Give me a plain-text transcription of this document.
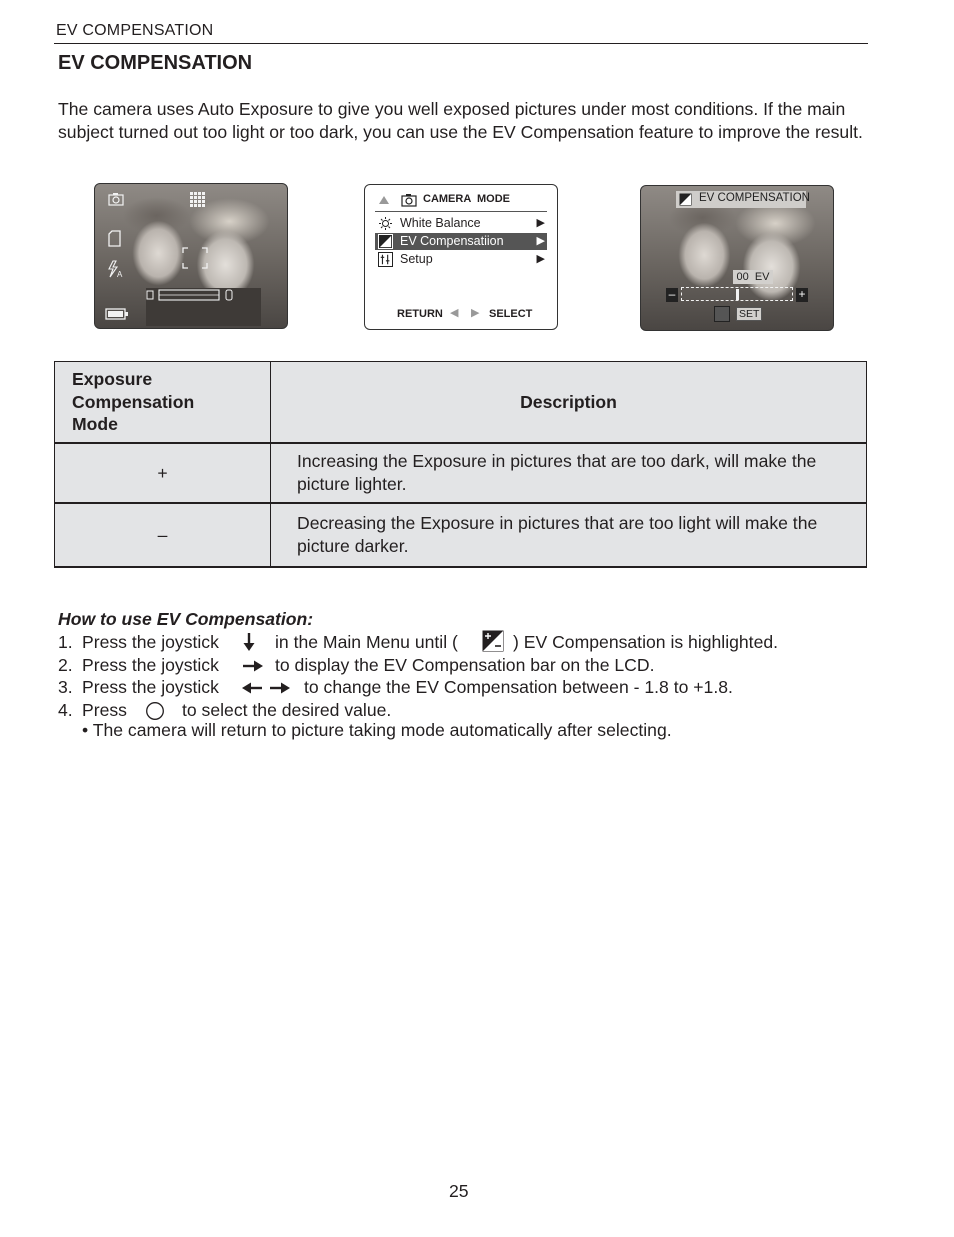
EV COMPENSATION
EV COMPENSATION
The camera uses Auto Exposure to give you well exposed pictures under most conditions. If the main subject turned out too light or too dark, you can use the EV Compensation feature to improve the result.
A
CAMERA  MODE
White Balance	▶
EV Compensatiion	▶
Setup	▶
RETURN ◀ ▶ SELECT
EV COMPENSATION
00  EV
–	+
SET
Exposure Compensation Mode	Description
+	Increasing the Exposure in pictures that are too dark, will make the picture lighter.
–	Decreasing the Exposure in pictures that are too light will make the picture darker.
How to use EV Compensation:
1. Press the joystick	in the Main Menu until (	) EV Compensation is highlighted.
2. Press the joystick	to display the EV Compensation bar on the LCD.
3. Press the joystick	to change the EV Compensation between - 1.8 to +1.8.
4. Press	to select the desired value.
• The camera will return to picture taking mode automatically after selecting.
25
